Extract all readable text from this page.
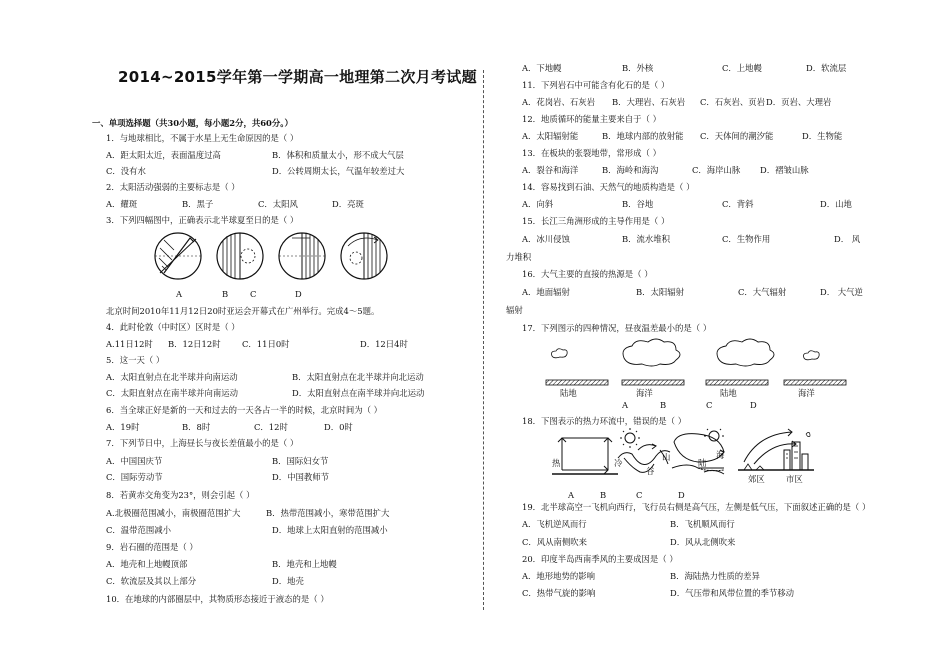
2014~2015学年第一学期高一地理第二次月考试题
一、单项选择题（共30小题，每小题2分，共60分。）
1．与地球相比，不属于水星上无生命原因的是（ ）
A．距太阳太近，表面温度过高	B．体积和质量太小，形不成大气层
C．没有水	D．公转周期太长，气温年较差过大
2．太阳活动强弱的主要标志是（ ）
A．耀斑	B．黑子	C．太阳风	D．亮斑
3．下列四幅图中，正确表示北半球夏至日的是（ ）
A	B	C	D
北京时间2010年11月12日20时亚运会开幕式在广州举行。完成4～5题。
4．此时伦敦（中时区）区时是（ ）
A.11日12时 B．12日12时	C．11日0时	D．12日4时
5．这一天（ ）
A．太阳直射点在北半球并向南运动	B．太阳直射点在北半球并向北运动
C．太阳直射点在南半球并向南运动	D．太阳直射点在南半球并向北运动
6．当全球正好是新的一天和过去的一天各占一半的时候，北京时间为（ ）
A．19时	B．8时	C．12时	D．0时
7．下列节日中，上海昼长与夜长差值最小的是（ ）
A．中国国庆节	B．国际妇女节
C．国际劳动节	D．中国教师节
8．若黄赤交角变为23°，则会引起（ ）
A.北极圈范围减小，南极圈范围扩大	B．热带范围减小，寒带范围扩大
C．温带范围减小	D．地球上太阳直射的范围减小
9．岩石圈的范围是（ ）
A．地壳和上地幔顶部	B．地壳和上地幔
C．软流层及其以上部分	D．地壳
10．在地球的内部圈层中，其物质形态接近于液态的是（ ）
A．下地幔	B．外核	C．上地幔	D．软流层
11．下列岩石中可能含有化石的是（ ）
A．花岗岩、石灰岩 B．大理岩、石灰岩 C．石灰岩、页岩 D．页岩、大理岩
12．地质循环的能量主要来自于（ ）
A．太阳辐射能	B．地球内部的放射能 C．天体间的潮汐能	D．生物能
13．在板块的张裂地带，常形成（ ）
A．裂谷和海洋	B．海岭和海沟	C．海岸山脉 D．褶皱山脉
14．容易找到石油、天然气的地质构造是（ ）
A．向斜	B．谷地	C．背斜	D．山地
15．长江三角洲形成的主导作用是（ ）
A．冰川侵蚀	B．流水堆积	C．生物作用	D． 风
力堆积
16．大气主要的直接的热源是（ ）
A．地面辐射	B．太阳辐射	C．大气辐射	D． 大气逆
辐射
17．下列图示的四种情况，昼夜温差最小的是（ ）
陆地	海洋	陆地	海洋
A	B	C	D
18．下图表示的热力环流中，错误的是（ ）
热	冷
谷
山
陆
海
郊区	市区
A	B	C	D
19．北半球高空一飞机向西行，飞行员右侧是高气压，左侧是低气压，下面叙述正确的是（ ）
A．飞机逆风而行	B．飞机顺风而行
C．风从南侧吹来	D．风从北侧吹来
20．印度半岛西南季风的主要成因是（ ）
A．地形地势的影响	B．海陆热力性质的差异
C．热带气旋的影响	D．气压带和风带位置的季节移动
